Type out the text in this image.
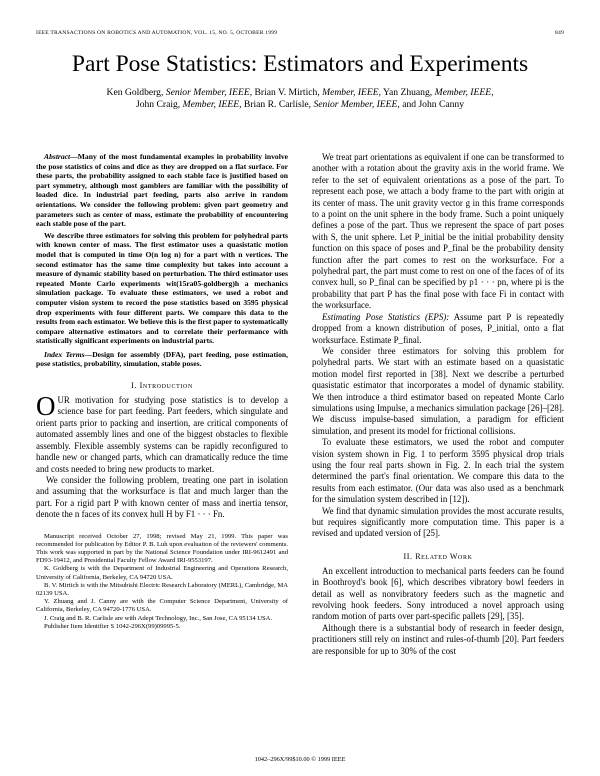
IEEE TRANSACTIONS ON ROBOTICS AND AUTOMATION, VOL. 15, NO. 5, OCTOBER 1999	849
Part Pose Statistics: Estimators and Experiments
Ken Goldberg, Senior Member, IEEE, Brian V. Mirtich, Member, IEEE, Yan Zhuang, Member, IEEE,
John Craig, Member, IEEE, Brian R. Carlisle, Senior Member, IEEE, and John Canny

Abstract—Many of the most fundamental examples in probability involve the pose statistics of coins and dice as they are dropped on a flat surface. For these parts, the probability assigned to each stable face is justified based on part symmetry, although most gamblers are familiar with the possibility of loaded dice. In industrial part feeding, parts also arrive in random orientations. We consider the following problem: given part geometry and parameters such as center of mass, estimate the probability of encountering each stable pose of the part.

We describe three estimators for solving this problem for polyhedral parts with known center of mass. The first estimator uses a quasistatic motion model that is computed in time O(n log n) for a part with n vertices. The second estimator has the same time complexity but takes into account a measure of dynamic stability based on perturbation. The third estimator uses repeated Monte Carlo experiments wit(15ra05-goldberg)h a mechanics simulation package. To evaluate these estimators, we used a robot and computer vision system to record the pose statistics based on 3595 physical drop experiments with four different parts. We compare this data to the results from each estimator. We believe this is the first paper to systematically compare alternative estimators and to correlate their performance with statistically significant experiments on industrial parts.

Index Terms—Design for assembly (DFA), part feeding, pose estimation, pose statistics, probability, simulation, stable poses.

I. Introduction

OUR motivation for studying pose statistics is to develop a science base for part feeding. Part feeders, which singulate and orient parts prior to packing and insertion, are critical components of automated assembly lines and one of the biggest obstacles to flexible assembly. Flexible assembly systems can be rapidly reconfigured to handle new or changed parts, which can dramatically reduce the time and costs needed to bring new products to market.

We consider the following problem, treating one part in isolation and assuming that the worksurface is flat and much larger than the part. For a rigid part P with known center of mass and inertia tensor, denote the n faces of its convex hull H by F1 · · · Fn.

Manuscript received October 27, 1998; revised May 21, 1999. This paper was recommended for publication by Editor P. B. Luh upon evaluation of the reviewers' comments. This work was supported in part by the National Science Foundation under IRI-9612491 and FD93-19412, and Presidential Faculty Fellow Award IRI-9553197.

K. Goldberg is with the Department of Industrial Engineering and Operations Research, University of California, Berkeley, CA 94720 USA.

B. V. Mirtich is with the Mitsubishi Electric Research Laboratory (MERL), Cambridge, MA 02139 USA.

Y. Zhuang and J. Canny are with the Computer Science Department, University of California, Berkeley, CA 94720-1776 USA.

J. Craig and B. R. Carlisle are with Adept Technology, Inc., San Jose, CA 95134 USA.

Publisher Item Identifier S 1042-296X(99)09995-5.

We treat part orientations as equivalent if one can be transformed to another with a rotation about the gravity axis in the world frame. We refer to the set of equivalent orientations as a pose of the part. To represent each pose, we attach a body frame to the part with origin at its center of mass. The unit gravity vector g in this frame corresponds to a point on the unit sphere in the body frame. Such a point uniquely defines a pose of the part. Thus we represent the space of part poses with S, the unit sphere. Let P_initial be the initial probability density function on this space of poses and P_final be the probability density function after the part comes to rest on the worksurface. For a polyhedral part, the part must come to rest on one of the faces of of its convex hull, so P_final can be specified by p1 · · · pn, where pi is the probability that part P has the final pose with face Fi in contact with the worksurface.

Estimating Pose Statistics (EPS): Assume part P is repeatedly dropped from a known distribution of poses, P_initial, onto a flat worksurface. Estimate P_final.

We consider three estimators for solving this problem for polyhedral parts. We start with an estimate based on a quasistatic motion model first reported in [38]. Next we describe a perturbed quasistatic estimator that incorporates a model of dynamic stability. We then introduce a third estimator based on repeated Monte Carlo simulations using Impulse, a mechanics simulation package [26]–[28]. We discuss impulse-based simulation, a paradigm for efficient simulation, and present its model for frictional collisions.

To evaluate these estimators, we used the robot and computer vision system shown in Fig. 1 to perform 3595 physical drop trials using the four real parts shown in Fig. 2. In each trial the system determined the part's final orientation. We compare this data to the results from each estimator. (Our data was also used as a benchmark for the simulation system described in [12]).

We find that dynamic simulation provides the most accurate results, but requires significantly more computation time. This paper is a revised and updated version of [25].

II. Related Work

An excellent introduction to mechanical parts feeders can be found in Boothroyd's book [6], which describes vibratory bowl feeders in detail as well as nonvibratory feeders such as the magnetic and revolving hook feeders. Sony introduced a novel approach using random motion of parts over part-specific pallets [29], [35].

Although there is a substantial body of research in feeder design, practitioners still rely on instinct and rules-of-thumb [20]. Part feeders are responsible for up to 30% of the cost

1042–296X/99$10.00 © 1999 IEEE
